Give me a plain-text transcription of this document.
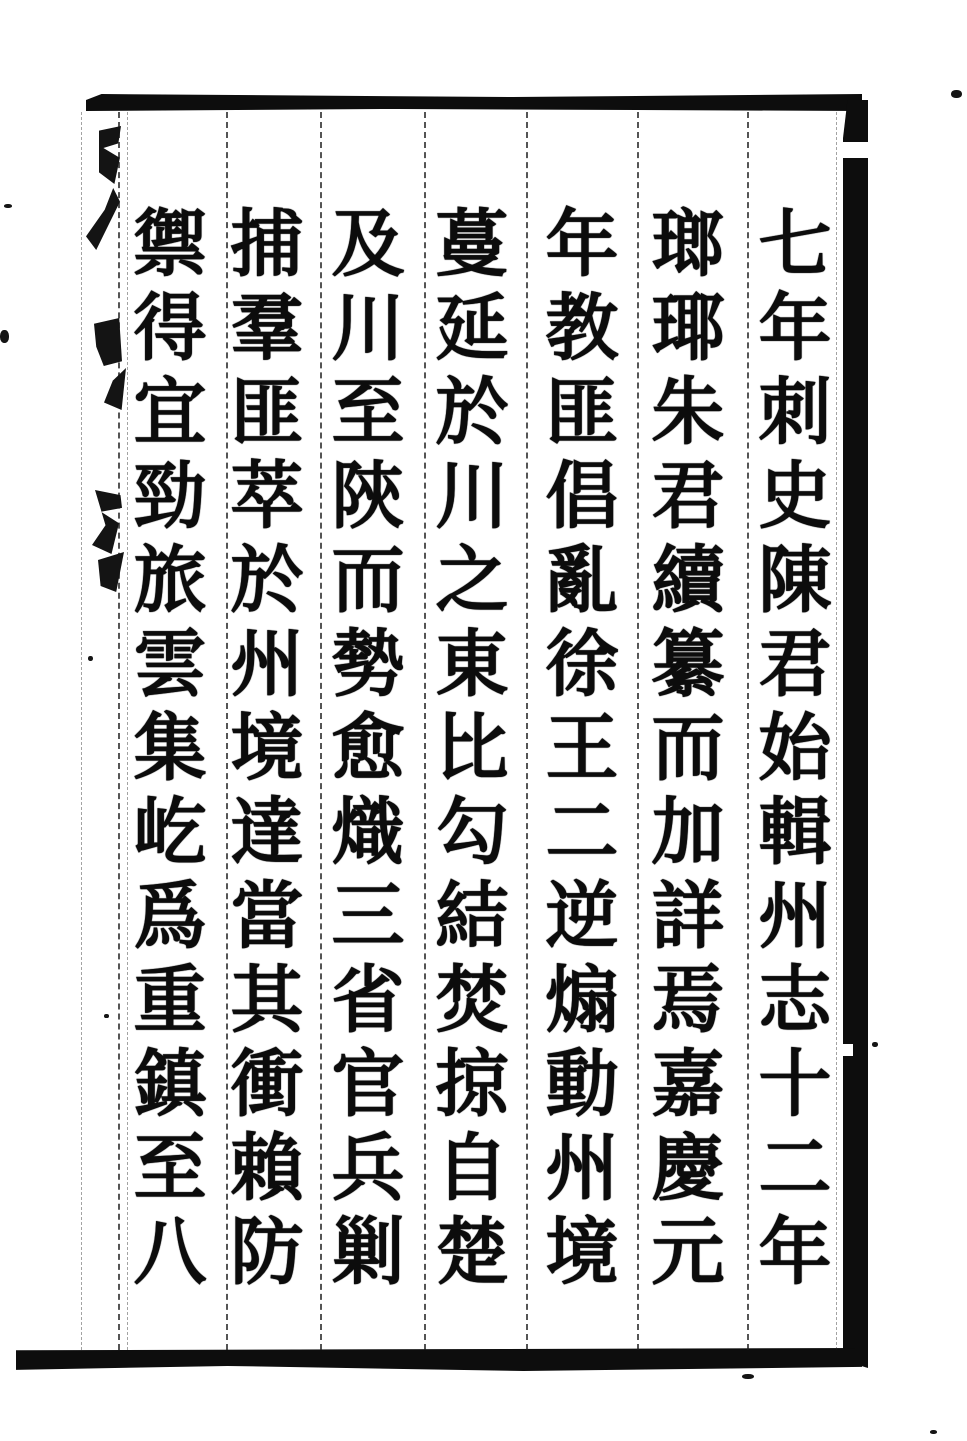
七
年
刺
史
陳
君
始
輯
州
志
十
二
年
瑯
瑘
朱
君
續
纂
而
加
詳
焉
嘉
慶
元
年
教
匪
倡
亂
徐
王
二
逆
煽
動
州
境
蔓
延
於
川
之
東
比
勾
結
焚
掠
自
楚
及
川
至
陝
而
勢
愈
熾
三
省
官
兵
剿
捕
羣
匪
萃
於
州
境
達
當
其
衝
賴
防
禦
得
宜
勁
旅
雲
集
屹
爲
重
鎮
至
八
